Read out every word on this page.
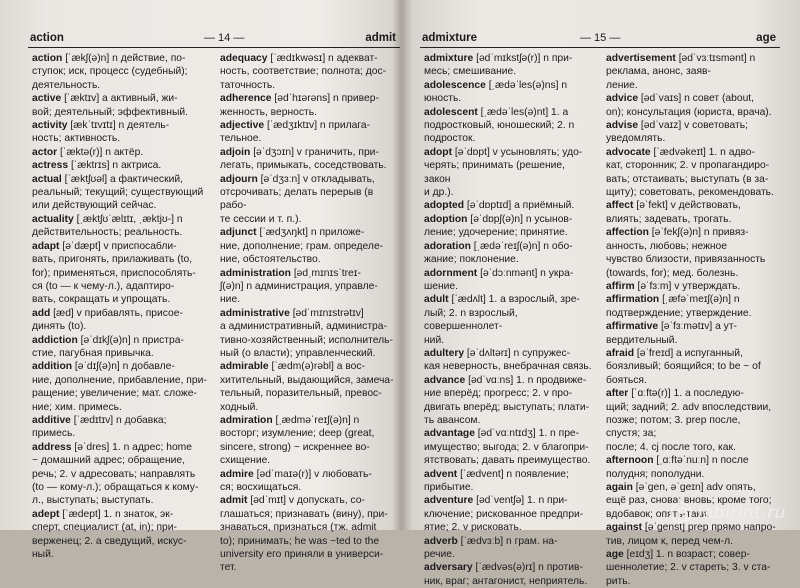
action	— 14 —	admit

action [ˈækʃ(ə)n] n действие, по-
ступок; иск, процесс (судебный);
деятельность.

active [ˈæktɪv] a активный, жи-
вой; деятельный; эффективный.

activity [ækˈtɪvɪtɪ] n деятель-
ность; активность.

actor [ˈæktə(r)] n актёр.

actress [ˈæktrɪs] n актриса.

actual [ˈæktʃʊəl] a фактический,
реальный; текущий; существующий
или действующий сейчас.

actuality [ˌæktʃʊˈælɪtɪ, ˌæktjʊ-] n
действительность; реальность.

adapt [əˈdæpt] v приспосабли-
вать, пригонять, прилаживать (to,
for); применяться, приспособлять-
ся (to — к чему-л.), адаптиро-
вать, сокращать и упрощать.

add [æd] v прибавлять, присое-
динять (to).

addiction [əˈdɪkʃ(ə)n] n пристра-
стие, пагубная привычка.

addition [əˈdɪʃ(ə)n] n добавле-
ние, дополнение, прибавление, при-
ращение; увеличение; мат. сложе-
ние; хим. примесь.

additive [ˈædɪtɪv] n добавка; примесь.

address [əˈdres] 1. n адрес; home
~ домашний адрес; обращение,
речь; 2. v адресовать; направлять
(to — кому-л.); обращаться к кому-
л., выступать; выступать.

adept [ˈædept] 1. n знаток, эк-
сперт, специалист (at, in); при-
верженец; 2. a сведущий, искус-
ный.

adequacy [ˈædɪkwəsɪ] n адекват-
ность, соответствие; полнота; дос-
таточность.

adherence [ədˈhɪərəns] n привер-
женность, верность.

adjective [ˈædʒɪktɪv] n прилага-
тельное.

adjoin [əˈdʒɔɪn] v граничить, при-
легать, примыкать, соседствовать.

adjourn [əˈdʒɜːn] v откладывать,
отсрочивать; делать перерыв (в рабо-
те сессии и т. п.).

adjunct [ˈædʒʌŋkt] n приложе-
ние, дополнение; грам. определе-
ние, обстоятельство.

administration [ədˌmɪnɪsˈtreɪ-
ʃ(ə)n] n администрация, управле-
ние.

administrative [ədˈmɪnɪstrətɪv]
a административный, администра-
тивно-хозяйственный; исполнитель-
ный (о власти); управленческий.

admirable [ˈædm(ə)rəbl] a вос-
хитительный, выдающийся, замеча-
тельный, поразительный, превос-
ходный.

admiration [ˌædməˈreɪʃ(ə)n] n
восторг; изумление; deep (great,
sincere, strong) ~ искреннее во-
схищение.

admire [ədˈmaɪə(r)] v любовать-
ся; восхищаться.

admit [ədˈmɪt] v допускать, со-
глашаться; признавать (вину), при-
знаваться, признаться (тж. admit
to); принимать; he was ~ted to the
university его приняли в универси-
тет.

admixture	— 15 —	age

admixture [ədˈmɪkstʃə(r)] n при-
месь; смешивание.

adolescence [ˌædəˈles(ə)ns] n
юность.

adolescent [ˌædəˈles(ə)nt] 1. a
подростковый, юношеский; 2. n
подросток.

adopt [əˈdɒpt] v усыновлять; удо-
черять; принимать (решение, закон
и др.).

adopted [əˈdɒptɪd] a приёмный.

adoption [əˈdɒpʃ(ə)n] n усынов-
ление; удочерение; принятие.

adoration [ˌædəˈreɪʃ(ə)n] n обо-
жание; поклонение.

adornment [əˈdɔːnmənt] n укра-
шение.

adult [ˈædʌlt] 1. a взрослый, зре-
лый; 2. n взрослый, совершеннолет-
ний.

adultery [əˈdʌltərɪ] n супружес-
кая неверность, внебрачная связь.

advance [ədˈvɑːns] 1. n продвиже-
ние вперёд; прогресс; 2. v про-
двигать вперёд; выступать; плати-
ть авансом.

advantage [ədˈvɑːntɪdʒ] 1. n пре-
имущество; выгода; 2. v благопри-
ятствовать; давать преимущество.

advent [ˈædvent] n появление;
прибытие.

adventure [ədˈventʃə] 1. n при-
ключение; рискованное предпри-
ятие; 2. v рисковать.

adverb [ˈædvɜːb] n грам. на-
речие.

adversary [ˈædvəs(ə)rɪ] n против-
ник, враг; антагонист, неприятель.

advertisement [ədˈvɜːtɪsmənt] n
реклама, анонс, заяв-
ление.

advice [ədˈvaɪs] n совет (about,
on); консультация (юриста, врача).

advise [ədˈvaɪz] v советовать;
уведомлять.

advocate [ˈædvəkeɪt] 1. n адво-
кат, сторонник; 2. v пропагандиро-
вать; отстаивать; выступать (в за-
щиту); советовать, рекомендовать.

affect [əˈfekt] v действовать,
влиять; задевать, трогать.

affection [əˈfekʃ(ə)n] n привяз-
анность, любовь; нежное
чувство близости, привязанность
(towards, for); мед. болезнь.

affirm [əˈfɜːm] v утверждать.

affirmation [ˌæfəˈmeɪʃ(ə)n] n
подтверждение; утверждение.

affirmative [əˈfɜːmətɪv] a ут-
вердительный.

afraid [əˈfreɪd] a испуганный,
боязливый; боящийся; to be ~ of
бояться.

after [ˈɑːftə(r)] 1. a последую-
щий; задний; 2. adv впоследствии,
позже; потом; 3. prep после, спустя; за;
после; 4. cj после того, как.

afternoon [ˌɑːftəˈnuːn] n после
полудня; пополудни.

again [əˈgen, əˈgeɪn] adv опять,
ещё раз, снова; вновь; кроме того;
вдобавок; опять-таки.

against [əˈgenst] prep прямо напро-
тив, лицом к, перед чем-л.

age [eɪdʒ] 1. n возраст; совер-
шеннолетие; 2. v стареть; 3. v ста-
рить.

labirint.ru
